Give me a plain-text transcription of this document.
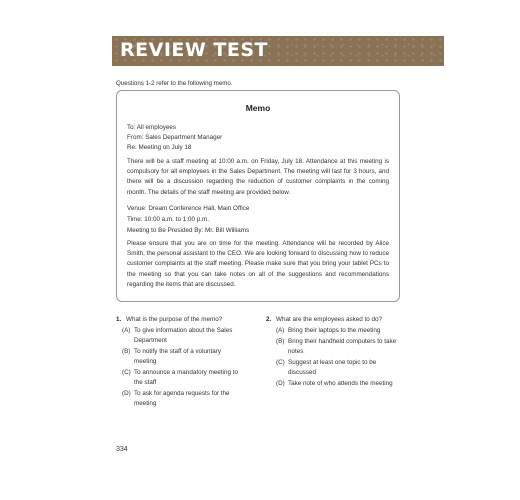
REVIEW TEST
Questions 1-2 refer to the following memo.
Memo
To: All employees
From: Sales Department Manager
Re: Meeting on July 18
There will be a staff meeting at 10:00 a.m. on Friday, July 18. Attendance at this meeting is compulsory for all employees in the Sales Department. The meeting will last for 3 hours, and there will be a discussion regarding the reduction of customer complaints in the coming month. The details of the staff meeting are provided below.
Venue: Dream Conference Hall, Main Office
Time: 10:00 a.m. to 1:00 p.m.
Meeting to Be Presided By: Mr. Bill Williams
Please ensure that you are on time for the meeting. Attendance will be recorded by Alice Smith, the personal assistant to the CEO. We are looking forward to discussing how to reduce customer complaints at the staff meeting. Please make sure that you bring your tablet PCs to the meeting so that you can take notes on all of the suggestions and recommendations regarding the items that are discussed.
1. What is the purpose of the memo?
(A) To give information about the Sales Department
(B) To notify the staff of a voluntary meeting
(C) To announce a mandatory meeting to the staff
(D) To ask for agenda requests for the meeting
2. What are the employees asked to do?
(A) Bring their laptops to the meeting
(B) Bring their handheld computers to take notes
(C) Suggest at least one topic to be discussed
(D) Take note of who attends the meeting
334
